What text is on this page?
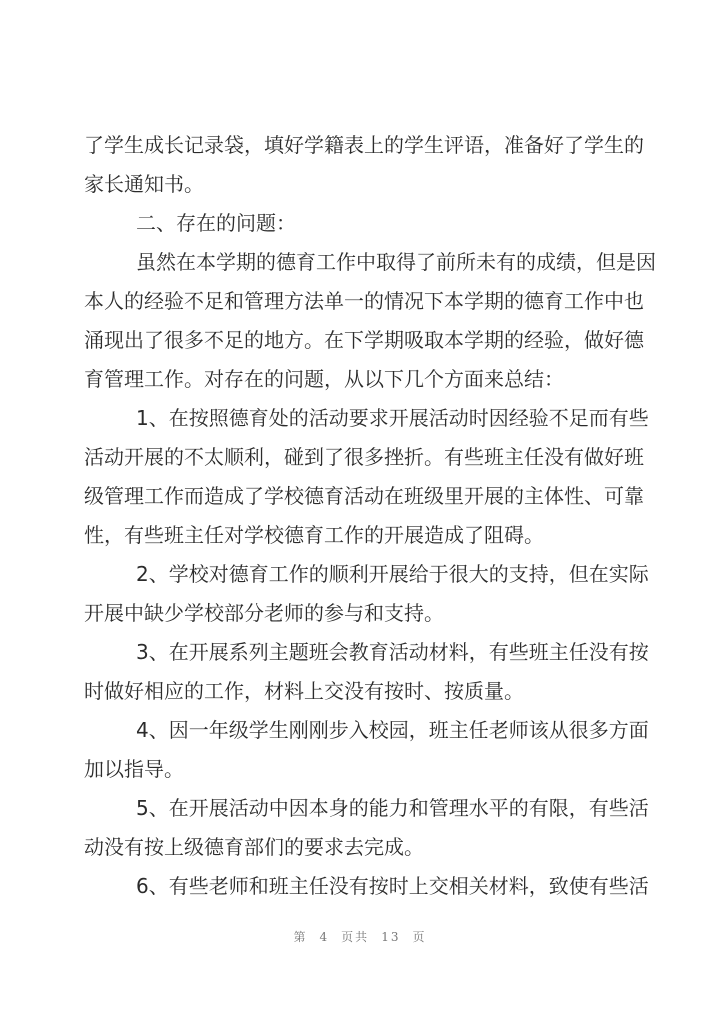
了学生成长记录袋，填好学籍表上的学生评语，准备好了学生的
家长通知书。
二、存在的问题：
虽然在本学期的德育工作中取得了前所未有的成绩，但是因
本人的经验不足和管理方法单一的情况下本学期的德育工作中也
涌现出了很多不足的地方。在下学期吸取本学期的经验，做好德
育管理工作。对存在的问题，从以下几个方面来总结：
1、在按照德育处的活动要求开展活动时因经验不足而有些
活动开展的不太顺利，碰到了很多挫折。有些班主任没有做好班
级管理工作而造成了学校德育活动在班级里开展的主体性、可靠
性，有些班主任对学校德育工作的开展造成了阻碍。
2、学校对德育工作的顺利开展给于很大的支持，但在实际
开展中缺少学校部分老师的参与和支持。
3、在开展系列主题班会教育活动材料，有些班主任没有按
时做好相应的工作，材料上交没有按时、按质量。
4、因一年级学生刚刚步入校园，班主任老师该从很多方面
加以指导。
5、在开展活动中因本身的能力和管理水平的有限，有些活
动没有按上级德育部们的要求去完成。
6、有些老师和班主任没有按时上交相关材料，致使有些活
第 4 页共 13 页
